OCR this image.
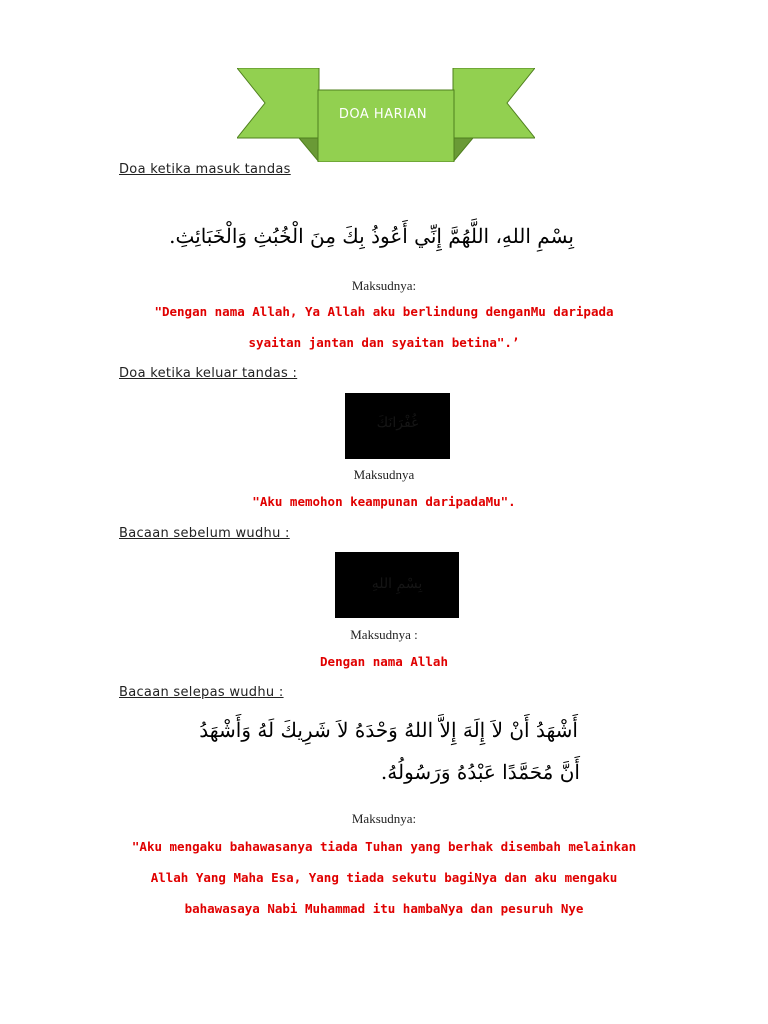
DOA HARIAN
Doa ketika masuk tandas
بِسْمِ اللهِ، اللَّهُمَّ إِنِّي أَعُوذُ بِكَ مِنَ الْخُبُثِ وَالْخَبَائِثِ.
Maksudnya:
"Dengan nama Allah, Ya Allah aku berlindung denganMu daripada
syaitan jantan dan syaitan betina".’
Doa ketika keluar tandas :
غُفْرَانَكَ
Maksudnya
"Aku memohon keampunan daripadaMu".
Bacaan sebelum wudhu :
بِسْمِ اللهِ
Maksudnya :
Dengan nama Allah
Bacaan selepas wudhu :
أَشْهَدُ أَنْ لاَ إِلَهَ إِلاَّ اللهُ وَحْدَهُ لاَ شَرِيكَ لَهُ وَأَشْهَدُ
أَنَّ مُحَمَّدًا عَبْدُهُ وَرَسُولُهُ.
Maksudnya:
"Aku mengaku bahawasanya tiada Tuhan yang berhak disembah melainkan
Allah Yang Maha Esa, Yang tiada sekutu bagiNya dan aku mengaku
bahawasaya Nabi Muhammad itu hambaNya dan pesuruh Nye
